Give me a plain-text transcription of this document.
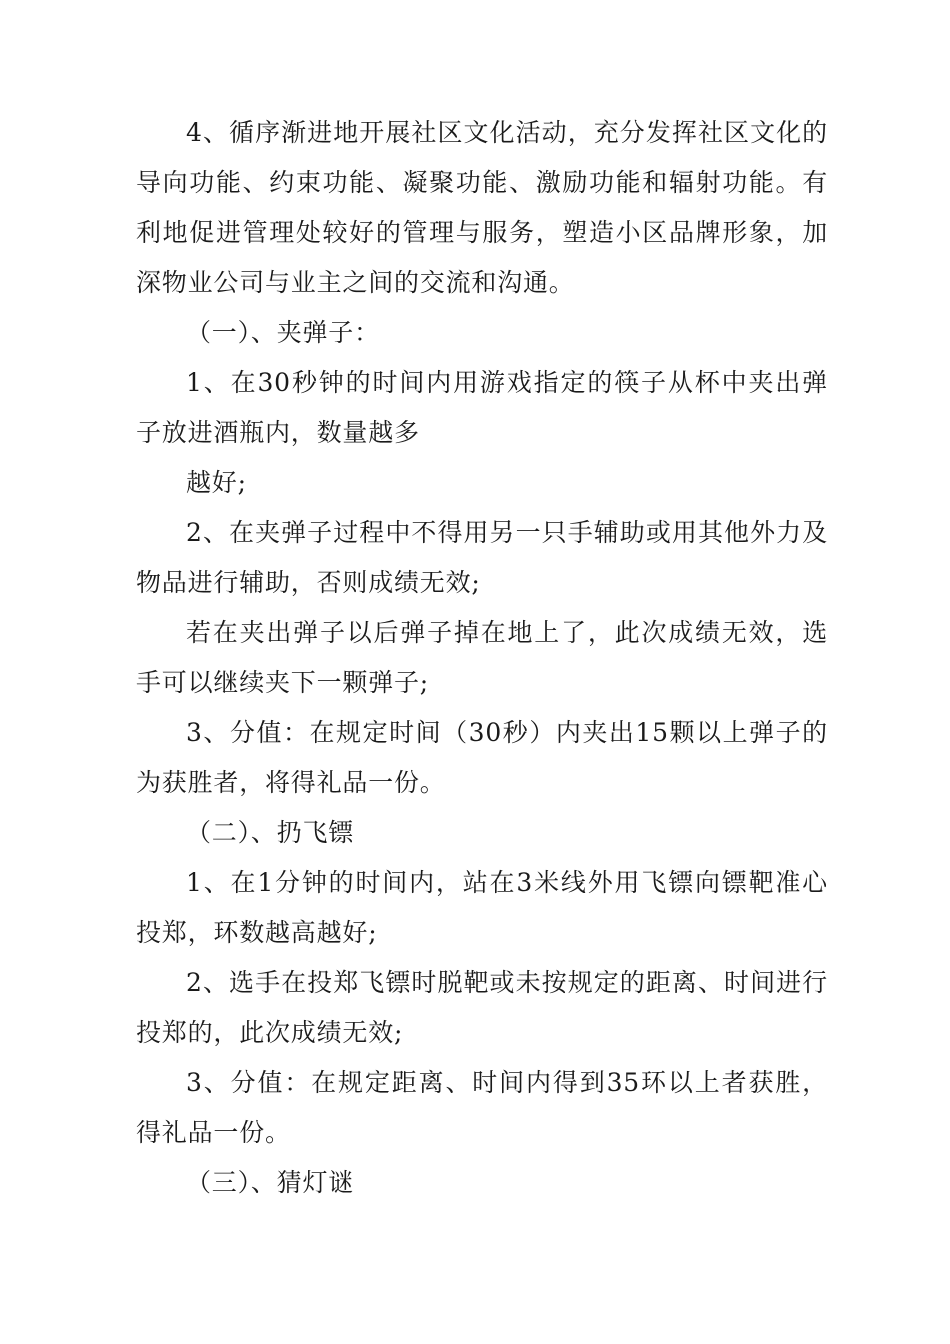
4、循序渐进地开展社区文化活动，充分发挥社区文化的导向功能、约束功能、凝聚功能、激励功能和辐射功能。有利地促进管理处较好的管理与服务，塑造小区品牌形象，加深物业公司与业主之间的交流和沟通。

（一）、夹弹子：

1、在30秒钟的时间内用游戏指定的筷子从杯中夹出弹子放进酒瓶内，数量越多

越好;

2、在夹弹子过程中不得用另一只手辅助或用其他外力及物品进行辅助，否则成绩无效;

若在夹出弹子以后弹子掉在地上了，此次成绩无效，选手可以继续夹下一颗弹子;

3、分值：在规定时间（30秒）内夹出15颗以上弹子的为获胜者，将得礼品一份。

（二）、扔飞镖

1、在1分钟的时间内，站在3米线外用飞镖向镖靶准心投郑，环数越高越好;

2、选手在投郑飞镖时脱靶或未按规定的距离、时间进行投郑的，此次成绩无效;

3、分值：在规定距离、时间内得到35环以上者获胜，得礼品一份。

（三）、猜灯谜
